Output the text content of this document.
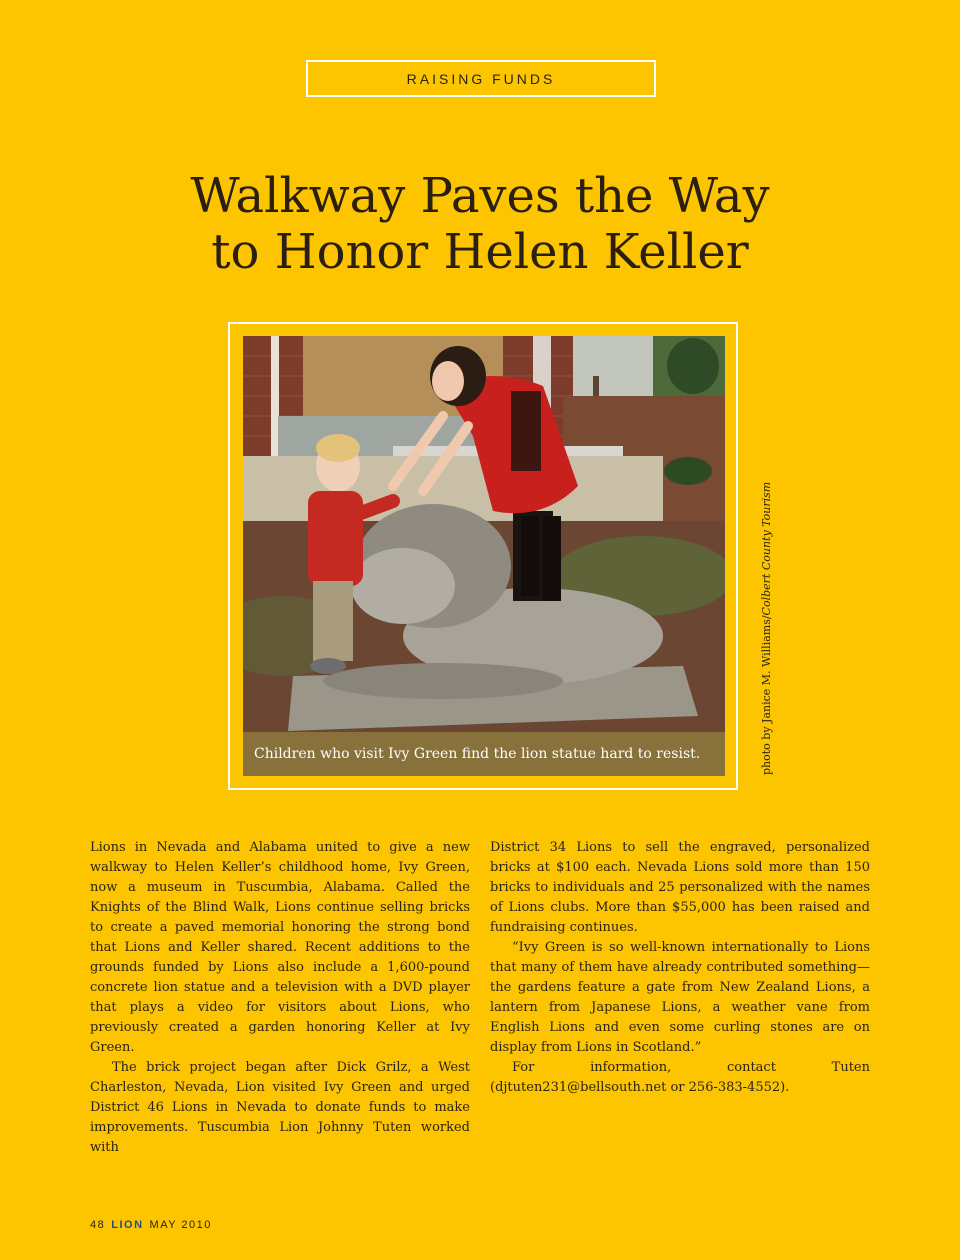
RAISING FUNDS
Walkway Paves the Way
to Honor Helen Keller
Children who visit Ivy Green find the lion statue hard to resist.	photo by Janice M. Williams/Colbert County Tourism

Lions in Nevada and Alabama united to give a new walkway to Helen Keller’s childhood home, Ivy Green, now a museum in Tuscumbia, Alabama. Called the Knights of the Blind Walk, Lions continue selling bricks to create a paved memorial honoring the strong bond that Lions and Keller shared. Recent additions to the grounds funded by Lions also include a 1,600-pound concrete lion statue and a television with a DVD player that plays a video for visitors about Lions, who previously created a garden honoring Keller at Ivy Green.

The brick project began after Dick Grilz, a West Charleston, Nevada, Lion visited Ivy Green and urged District 46 Lions in Nevada to donate funds to make improvements. Tuscumbia Lion Johnny Tuten worked with

District 34 Lions to sell the engraved, personalized bricks at $100 each. Nevada Lions sold more than 150 bricks to individuals and 25 personalized with the names of Lions clubs. More than $55,000 has been raised and fundraising continues.

“Ivy Green is so well-known internationally to Lions that many of them have already contributed something—the gardens feature a gate from New Zealand Lions, a lantern from Japanese Lions, a weather vane from English Lions and even some curling stones are on display from Lions in Scotland.”

For information, contact Tuten (djtuten231@bellsouth.net or 256-383-4552).

48 LION MAY 2010
